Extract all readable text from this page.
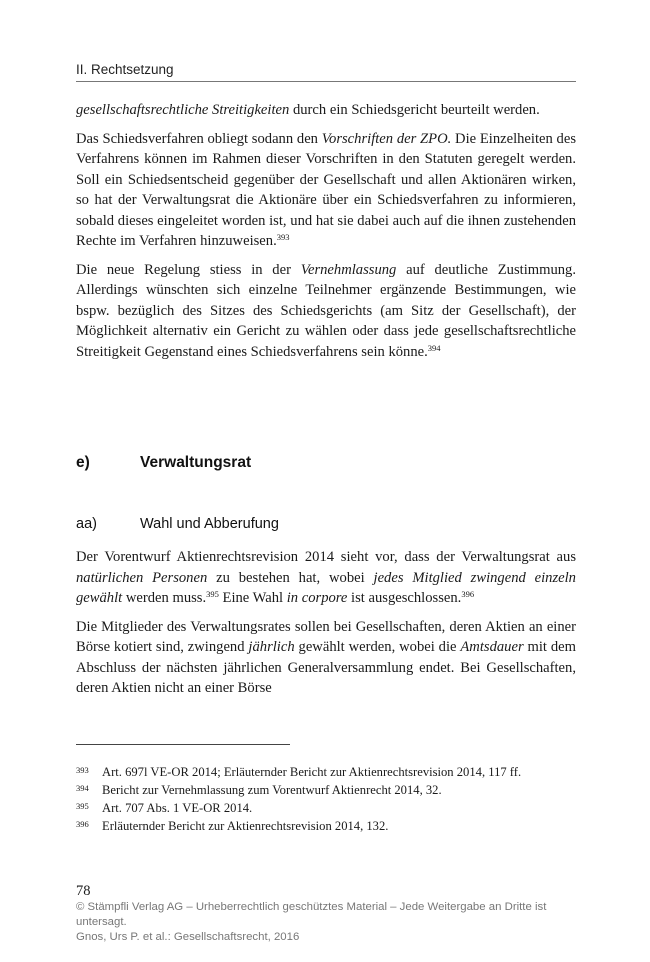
II. Rechtsetzung

gesellschaftsrechtliche Streitigkeiten durch ein Schiedsgericht beurteilt werden.

Das Schiedsverfahren obliegt sodann den Vorschriften der ZPO. Die Einzelheiten des Verfahrens können im Rahmen dieser Vorschriften in den Statuten geregelt werden. Soll ein Schiedsentscheid gegenüber der Gesellschaft und allen Aktionären wirken, so hat der Verwaltungsrat die Aktionäre über ein Schiedsverfahren zu informieren, sobald dieses eingeleitet worden ist, und hat sie dabei auch auf die ihnen zustehenden Rechte im Verfahren hinzuweisen.$^{393}$

Die neue Regelung stiess in der Vernehmlassung auf deutliche Zustimmung. Allerdings wünschten sich einzelne Teilnehmer ergänzende Bestimmungen, wie bspw. bezüglich des Sitzes des Schiedsgerichts (am Sitz der Gesellschaft), der Möglichkeit alternativ ein Gericht zu wählen oder dass jede gesellschaftsrechtliche Streitigkeit Gegenstand eines Schiedsverfahrens sein könne.$^{394}$

e)	Verwaltungsrat
aa)	Wahl und Abberufung

Der Vorentwurf Aktienrechtsrevision 2014 sieht vor, dass der Verwaltungsrat aus natürlichen Personen zu bestehen hat, wobei jedes Mitglied zwingend einzeln gewählt werden muss.$^{395}$ Eine Wahl in corpore ist ausgeschlossen.$^{396}$

Die Mitglieder des Verwaltungsrates sollen bei Gesellschaften, deren Aktien an einer Börse kotiert sind, zwingend jährlich gewählt werden, wobei die Amtsdauer mit dem Abschluss der nächsten jährlichen Generalversammlung endet. Bei Gesellschaften, deren Aktien nicht an einer Börse

393	Art. 697l VE-OR 2014; Erläuternder Bericht zur Aktienrechtsrevision 2014, 117 ff.
394	Bericht zur Vernehmlassung zum Vorentwurf Aktienrecht 2014, 32.
395	Art. 707 Abs. 1 VE-OR 2014.
396	Erläuternder Bericht zur Aktienrechtsrevision 2014, 132.
78
© Stämpfli Verlag AG – Urheberrechtlich geschütztes Material – Jede Weitergabe an Dritte ist untersagt.
Gnos, Urs P. et al.: Gesellschaftsrecht, 2016
